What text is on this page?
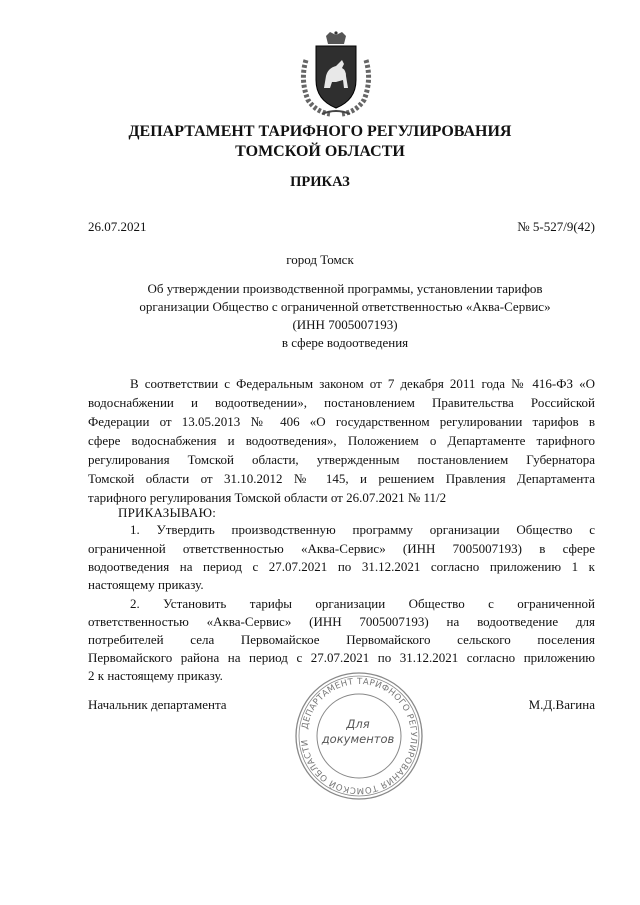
ДЕПАРТАМЕНТ ТАРИФНОГО РЕГУЛИРОВАНИЯ
ТОМСКОЙ ОБЛАСТИ
ПРИКАЗ
26.07.2021	№ 5-527/9(42)
город Томск
Об утверждении производственной программы, установлении тарифов
организации Общество с ограниченной ответственностью «Аква-Сервис»
(ИНН 7005007193)
в сфере водоотведения
В соответствии с Федеральным законом от 7 декабря 2011 года № 416-ФЗ «О
водоснабжении и водоотведении», постановлением Правительства Российской
Федерации от 13.05.2013 № 406 «О государственном регулировании тарифов в
сфере водоснабжения и водоотведения», Положением о Департаменте тарифного
регулирования Томской области, утвержденным постановлением Губернатора
Томской области от 31.10.2012 № 145, и решением Правления Департамента
тарифного регулирования Томской области от 26.07.2021 № 11/2
ПРИКАЗЫВАЮ:
1. Утвердить производственную программу организации Общество с
ограниченной ответственностью «Аква-Сервис» (ИНН 7005007193) в сфере
водоотведения на период с 27.07.2021 по 31.12.2021 согласно приложению 1 к
настоящему приказу.
2. Установить тарифы организации Общество с ограниченной
ответственностью «Аква-Сервис» (ИНН 7005007193) на водоотведение для
потребителей села Первомайское Первомайского сельского поселения
Первомайского района на период с 27.07.2021 по 31.12.2021 согласно приложению
2 к настоящему приказу.
ДЕПАРТАМЕНТ ТАРИФНОГО РЕГУЛИРОВАНИЯ ТОМСКОЙ ОБЛАСТИ
Для
документов
Начальник департамента	М.Д.Вагина
